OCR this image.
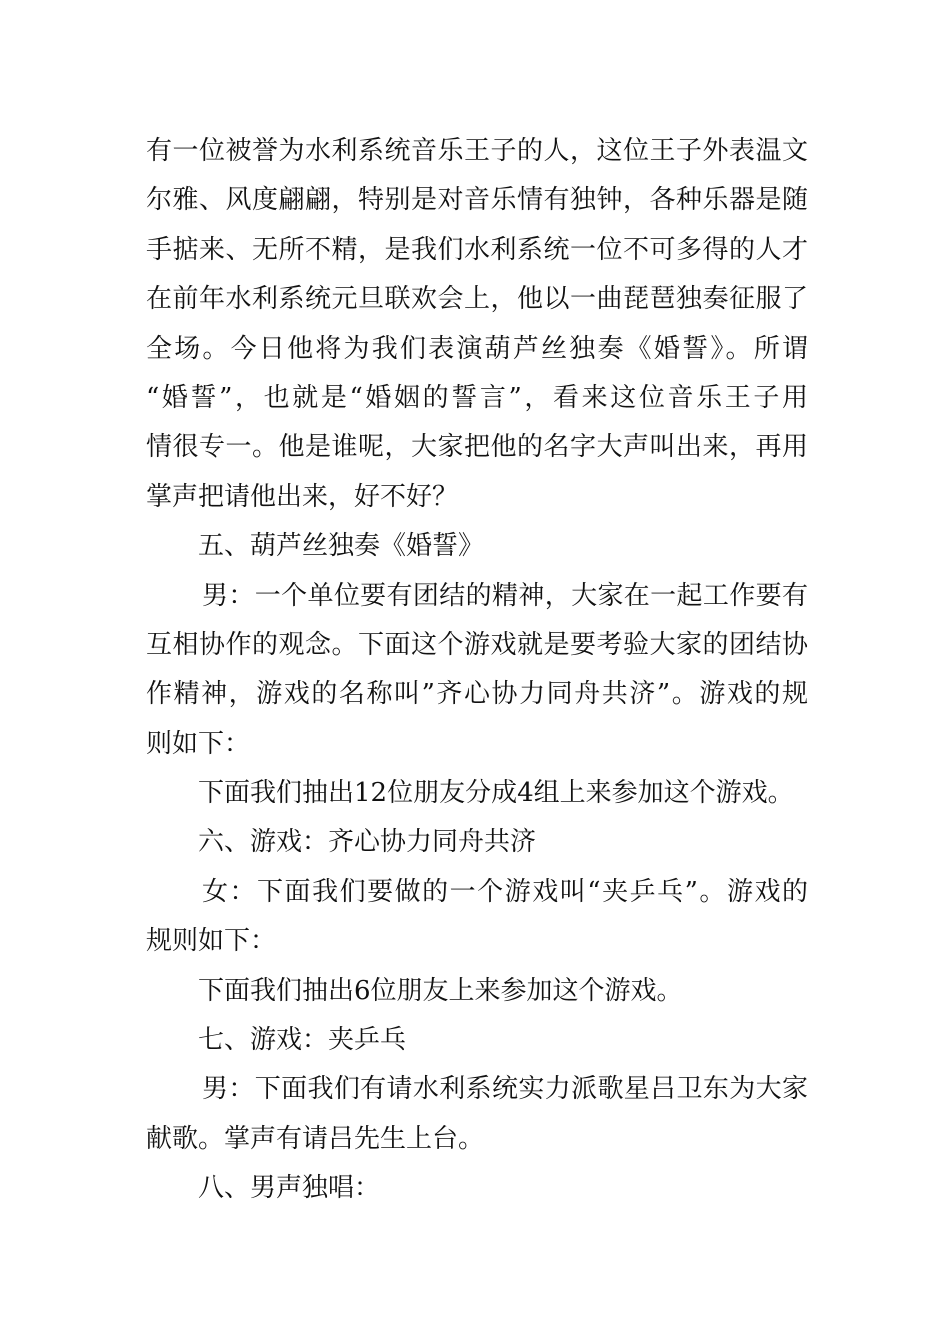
有一位被誉为水利系统音乐王子的人，这位王子外表温文
尔雅、风度翩翩，特别是对音乐情有独钟，各种乐器是随
手掂来、无所不精，是我们水利系统一位不可多得的人才
在前年水利系统元旦联欢会上，他以一曲琵琶独奏征服了
全场。今日他将为我们表演葫芦丝独奏《婚誓》。所谓
“婚誓”，也就是“婚姻的誓言”，看来这位音乐王子用
情很专一。他是谁呢，大家把他的名字大声叫出来，再用
掌声把请他出来，好不好？
五、葫芦丝独奏《婚誓》
男：一个单位要有团结的精神，大家在一起工作要有
互相协作的观念。下面这个游戏就是要考验大家的团结协
作精神，游戏的名称叫”齐心协力同舟共济”。游戏的规
则如下：
下面我们抽出12位朋友分成4组上来参加这个游戏。
六、游戏：齐心协力同舟共济
女：下面我们要做的一个游戏叫“夹乒乓”。游戏的
规则如下：
下面我们抽出6位朋友上来参加这个游戏。
七、游戏：夹乒乓
男：下面我们有请水利系统实力派歌星吕卫东为大家
献歌。掌声有请吕先生上台。
八、男声独唱：
